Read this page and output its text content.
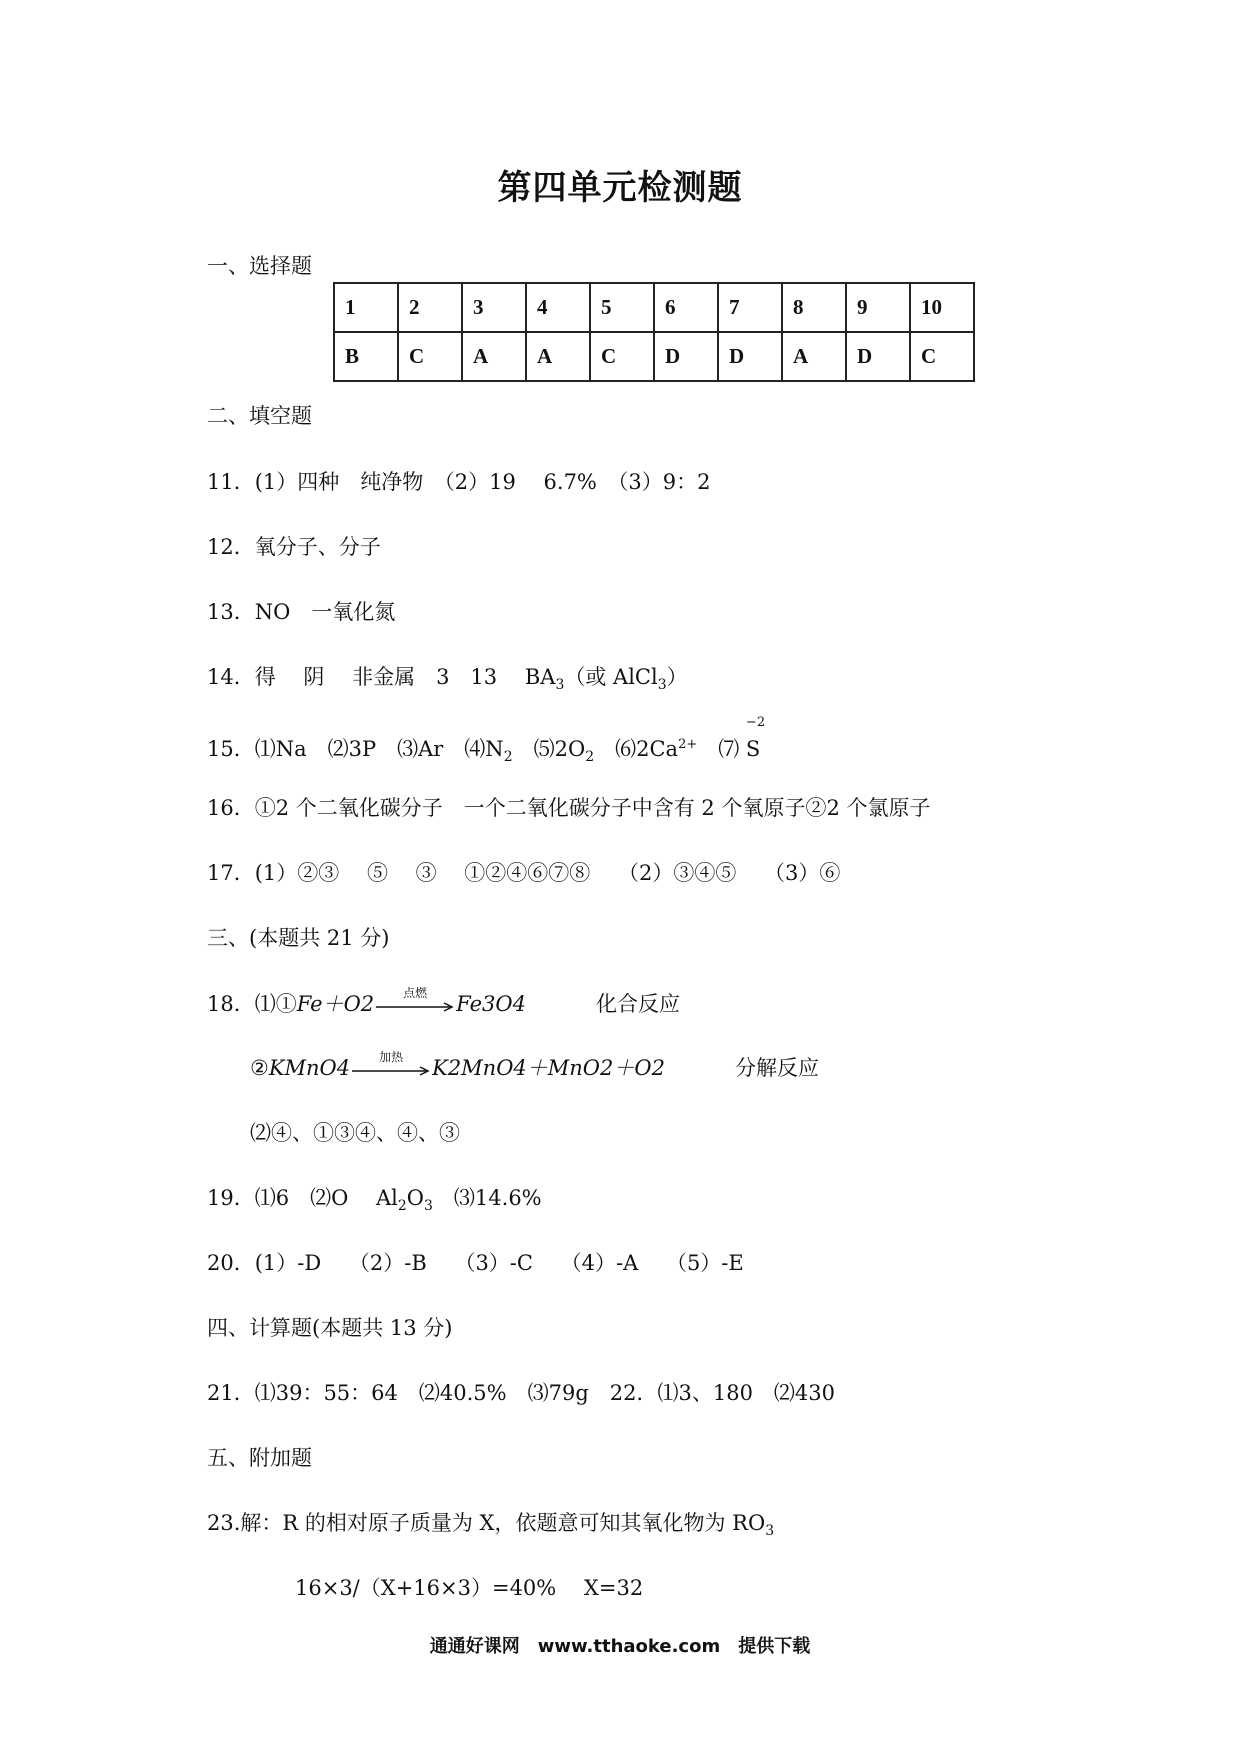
第四单元检测题
一、选择题
1	2	3	4	5	6	7	8	9	10
B	C	A	A	C	D	D	A	D	C
二、填空题
11．(1）四种　纯净物　（2）19　 6.7%　（3）9：2
12．氧分子、分子
13．NO　一氧化氮
14．得　 阴　 非金属　3　13　 $BA_3$（或 AlCl$_3$）
15．⑴Na　⑵3P　⑶Ar　$⑷N_2$　$⑸2O_2$　$⑹2Ca^{2+}$　⑺
−2
S
16．①2 个二氧化碳分子　一个二氧化碳分子中含有 2 个氧原子②2 个氯原子
17．(1）②③　 ⑤　 ③　 ①②④⑥⑦⑧　 （2）③④⑤　 （3）⑥
三、(本题共 21 分)
18．⑴①Fe＋O2	点燃	Fe3O4	化合反应
②KMnO4	加热	K2MnO4＋MnO2＋O2	分解反应
⑵④、①③④、④、③
19．⑴6　⑵O　 $Al_2O_3$　⑶14.6%
20．(1）-D　 （2）-B　 （3）-C　 （4）-A　 （5）-E
四、计算题(本题共 13 分)
21．⑴39：55：64　⑵40.5%　⑶79g　22．⑴3、180　⑵430
五、附加题
23.解：R 的相对原子质量为 X，依题意可知其氧化物为 $RO_3$
16×3/（X+16×3）=40%　 X=32
通通好课网　www.tthaoke.com　提供下载
